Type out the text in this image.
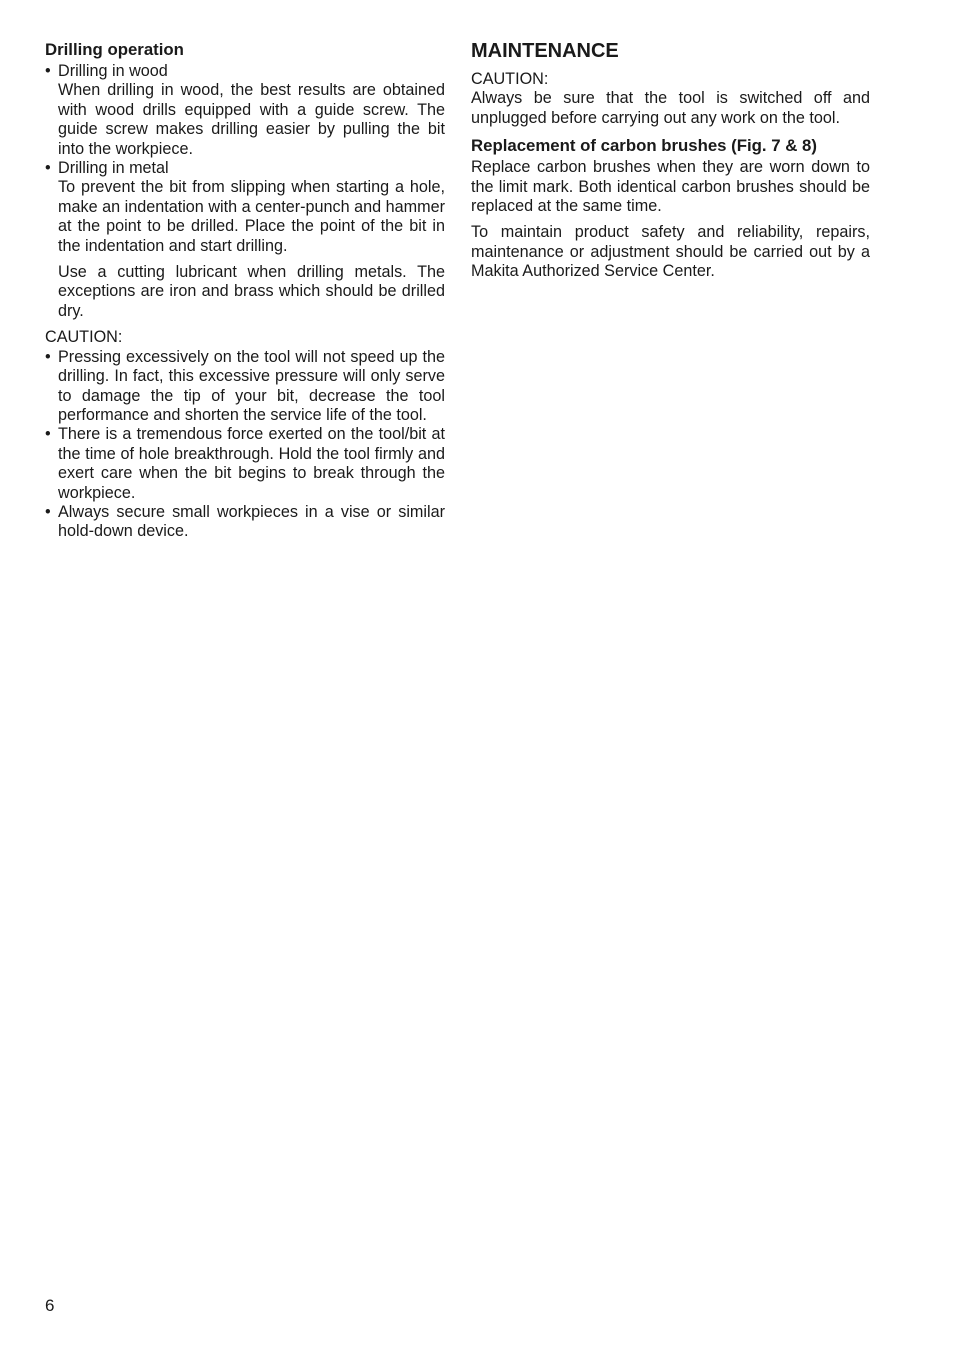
Drilling operation
• Drilling in wood

When drilling in wood, the best results are obtained with wood drills equipped with a guide screw. The guide screw makes drilling easier by pulling the bit into the workpiece.

• Drilling in metal

To prevent the bit from slipping when starting a hole, make an indentation with a center-punch and hammer at the point to be drilled. Place the point of the bit in the indentation and start drilling.

Use a cutting lubricant when drilling metals. The exceptions are iron and brass which should be drilled dry.

CAUTION:
• Pressing excessively on the tool will not speed up the drilling. In fact, this excessive pressure will only serve to damage the tip of your bit, decrease the tool performance and shorten the service life of the tool.

• There is a tremendous force exerted on the tool/bit at the time of hole breakthrough. Hold the tool firmly and exert care when the bit begins to break through the workpiece.

• Always secure small workpieces in a vise or similar hold-down device.

MAINTENANCE
CAUTION:

Always be sure that the tool is switched off and unplugged before carrying out any work on the tool.

Replacement of carbon brushes (Fig. 7 & 8)

Replace carbon brushes when they are worn down to the limit mark. Both identical carbon brushes should be replaced at the same time.

To maintain product safety and reliability, repairs, maintenance or adjustment should be carried out by a Makita Authorized Service Center.

6
